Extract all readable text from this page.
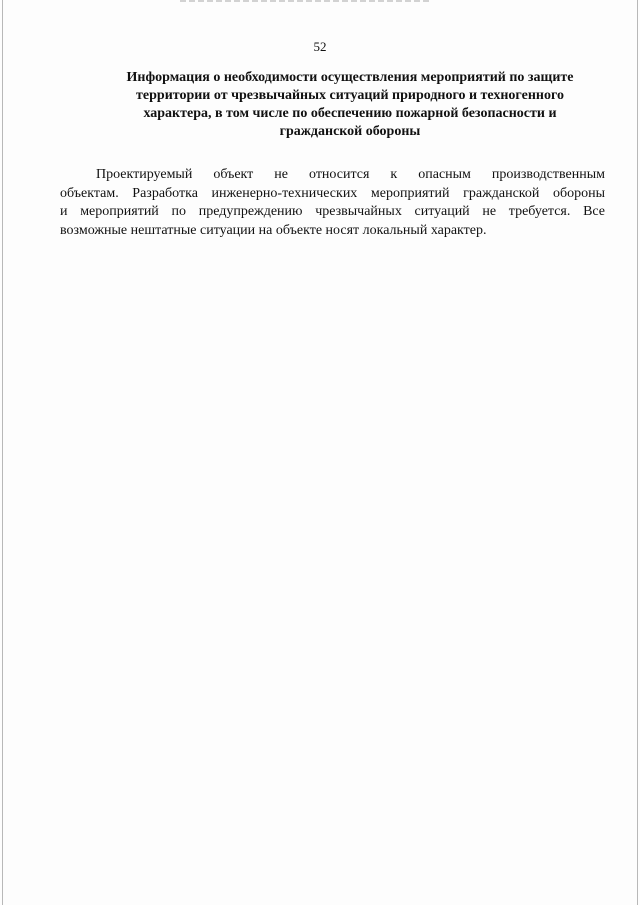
52
Информация о необходимости осуществления мероприятий по защите
территории от чрезвычайных ситуаций природного и техногенного
характера, в том числе по обеспечению пожарной безопасности и
гражданской обороны
Проектируемый объект не относится к опасным производственным
объектам. Разработка инженерно-технических мероприятий гражданской обороны
и мероприятий по предупреждению чрезвычайных ситуаций не требуется. Все
возможные нештатные ситуации на объекте носят локальный характер.
